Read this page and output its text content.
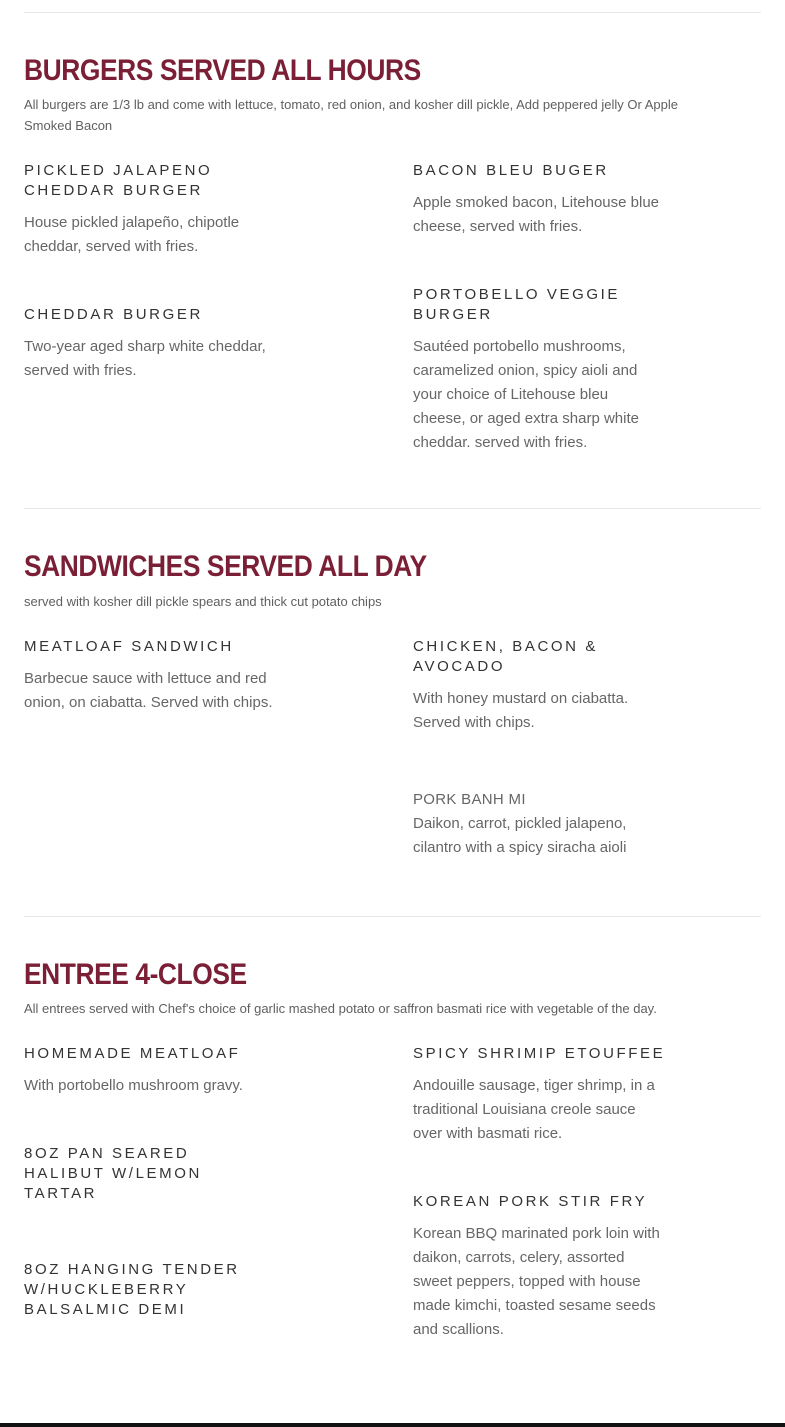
BURGERS SERVED ALL HOURS

All burgers are 1/3 lb and come with lettuce, tomato, red onion, and kosher dill pickle, Add peppered jelly Or Apple Smoked Bacon

PICKLED JALAPENO CHEDDAR BURGER

House pickled jalapeño, chipotle cheddar, served with fries.

BACON BLEU BUGER

Apple smoked bacon, Litehouse blue cheese, served with fries.

CHEDDAR BURGER

Two-year aged sharp white cheddar, served with fries.

PORTOBELLO VEGGIE BURGER

Sautéed portobello mushrooms, caramelized onion, spicy aioli and your choice of Litehouse bleu cheese, or aged extra sharp white cheddar. served with fries.

SANDWICHES SERVED ALL DAY

served with kosher dill pickle spears and thick cut potato chips

MEATLOAF SANDWICH

Barbecue sauce with lettuce and red onion, on ciabatta. Served with chips.

CHICKEN, BACON & AVOCADO

With honey mustard on ciabatta. Served with chips.

PORK BANH MI

Daikon, carrot, pickled jalapeno, cilantro with a spicy siracha aioli

ENTREE 4-CLOSE

All entrees served with Chef's choice of garlic mashed potato or saffron basmati rice with vegetable of the day.

HOMEMADE MEATLOAF

With portobello mushroom gravy.

SPICY SHRIMIP ETOUFFEE

Andouille sausage, tiger shrimp, in a traditional Louisiana creole sauce over with basmati rice.

8OZ PAN SEARED HALIBUT W/LEMON TARTAR	KOREAN PORK STIR FRY

Korean BBQ marinated pork loin with daikon, carrots, celery, assorted sweet peppers, topped with house made kimchi, toasted sesame seeds and scallions.

8OZ HANGING TENDER W/HUCKLEBERRY BALSALMIC DEMI
